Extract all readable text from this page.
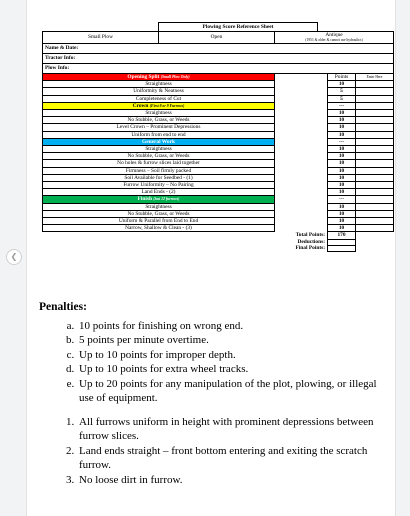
	Plowing Score Reference Sheet				
Small Plow	Open	Antique
(1951 & older & cannot use hydraulics)			
Name & Date:					
Tractor Info:					
Plow Info:					
Opening Split (Small Plow Only)				Points	Enter Here
Straightness				10	
Uniformity & Neatness				5	
Completeness of Cut				5	
Crown (First 8 or 9 Furrows)				---	
Straightness				10	
No Stubble, Grass, or Weeds				10	
Level Crown – Prominent Depressions				10	
Uniform from end to end				10	
General Work				---	
Straightness				10	
No Stubble, Grass, or Weeds				10	
No holes & furrow slices laid together				10	
Firmness – Soil firmly packed				10	
Soil Available for Seedbed - (1)				10	
Furrow Uniformity – No Pairing				10	
Land Ends - (2)				10	
Finish (last 12 furrows)				---	
Straightness				10	
No Stubble, Grass, or Weeds				10	
Uniform & Parallel from End to End				10	
Narrow, Shallow & Clean - (3)				10	
		Total Points:		170	
		Deductions:			
		Final Points:			
Penalties:
a. 10 points for finishing on wrong end.
b. 5 points per minute overtime.
c. Up to 10 points for improper depth.
d. Up to 10 points for extra wheel tracks.
e. Up to 20 points for any manipulation of the plot, plowing, or illegal use of equipment.
1. All furrows uniform in height with prominent depressions between furrow slices.
2. Land ends straight – front bottom entering and exiting the scratch furrow.
3. No loose dirt in furrow.
❮
